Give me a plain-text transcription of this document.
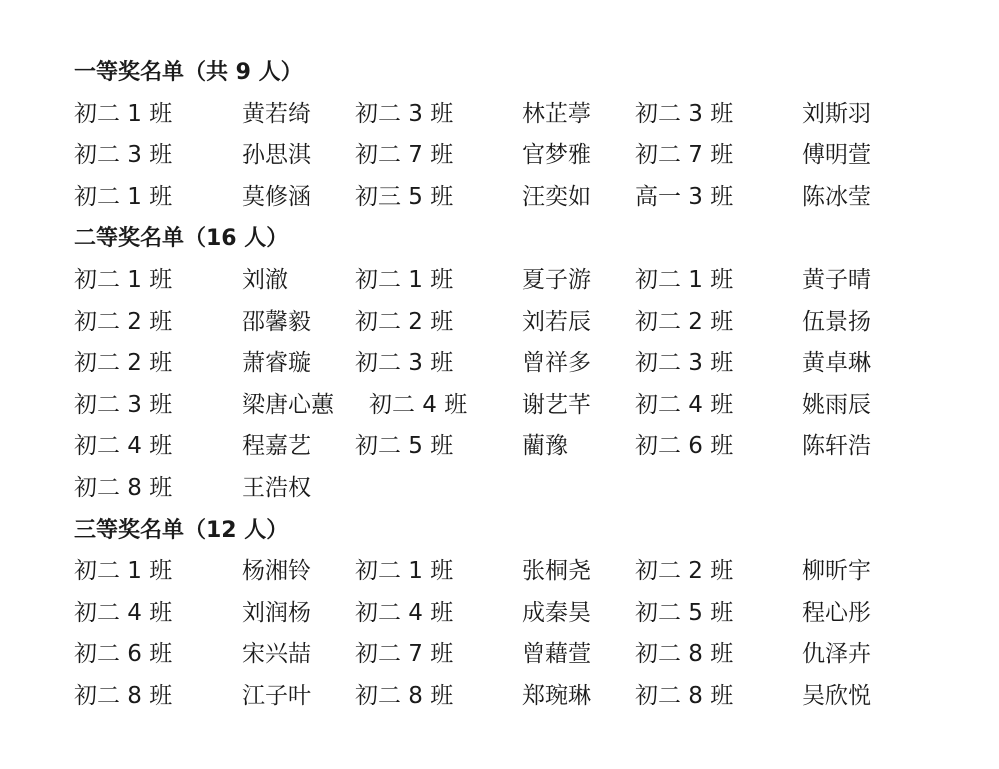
一等奖名单（共 9 人）
初二 1 班	黄若绮 初二 3 班	林芷葶 初二 3 班	刘斯羽
初二 3 班	孙思淇 初二 7 班	官梦雅 初二 7 班	傅明萱
初二 1 班	莫修涵 初三 5 班	汪奕如 高一 3 班	陈冰莹
二等奖名单（16 人）
初二 1 班	刘澈	初二 1 班	夏子游 初二 1 班	黄子晴
初二 2 班	邵馨毅 初二 2 班	刘若辰 初二 2 班	伍景扬
初二 2 班	萧睿璇 初二 3 班	曾祥多 初二 3 班	黄卓琳
初二 3 班	梁唐心蕙 初二 4 班 谢艺芊 初二 4 班	姚雨辰
初二 4 班	程嘉艺 初二 5 班	藺豫	初二 6 班	陈轩浩
初二 8 班	王浩权
三等奖名单（12 人）
初二 1 班	杨湘铃 初二 1 班	张桐尧 初二 2 班	柳昕宇
初二 4 班	刘润杨 初二 4 班	成秦昊 初二 5 班	程心彤
初二 6 班	宋兴喆 初二 7 班	曾藉萱 初二 8 班	仇泽卉
初二 8 班	江子叶 初二 8 班	郑琬琳 初二 8 班	吴欣悦
